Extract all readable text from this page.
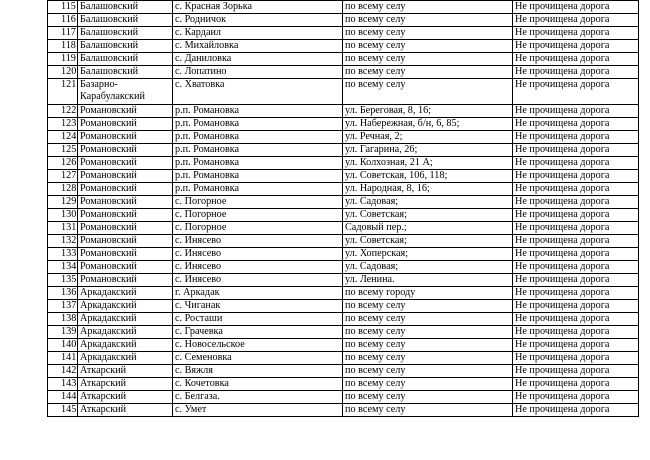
115	Балашовский	с. Красная Зорька	по всему селу	Не прочищена дорога
116	Балашовский	с. Родничок	по всему селу	Не прочищена дорога
117	Балашовский	с. Кардаил	по всему селу	Не прочищена дорога
118	Балашовский	с. Михайловка	по всему селу	Не прочищена дорога
119	Балашовский	с. Даниловка	по всему селу	Не прочищена дорога
120	Балашовский	с. Лопатино	по всему селу	Не прочищена дорога
121	Базарно-Карабулакский	с. Хватовка	по всему селу	Не прочищена дорога
122	Романовский	р.п. Романовка	ул. Береговая, 8, 16;	Не прочищена дорога
123	Романовский	р.п. Романовка	ул. Набережная, б/н, 6, 85;	Не прочищена дорога
124	Романовский	р.п. Романовка	ул. Речная, 2;	Не прочищена дорога
125	Романовский	р.п. Романовка	ул. Гагарина, 26;	Не прочищена дорога
126	Романовский	р.п. Романовка	ул. Колхозная, 21 А;	Не прочищена дорога
127	Романовский	р.п. Романовка	ул. Советская, 106, 118;	Не прочищена дорога
128	Романовский	р.п. Романовка	ул. Народная, 8, 16;	Не прочищена дорога
129	Романовский	с. Погорное	ул. Садовая;	Не прочищена дорога
130	Романовский	с. Погорное	ул. Советская;	Не прочищена дорога
131	Романовский	с. Погорное	Садовый пер.;	Не прочищена дорога
132	Романовский	с. Инясево	ул. Советская;	Не прочищена дорога
133	Романовский	с. Инясево	ул. Хоперская;	Не прочищена дорога
134	Романовский	с. Инясево	ул. Садовая;	Не прочищена дорога
135	Романовский	с. Инясево	ул. Ленина.	Не прочищена дорога
136	Аркадакский	г. Аркадак	по всему городу	Не прочищена дорога
137	Аркадакский	с. Чиганак	по всему селу	Не прочищена дорога
138	Аркадакский	с. Росташи	по всему селу	Не прочищена дорога
139	Аркадакский	с. Грачевка	по всему селу	Не прочищена дорога
140	Аркадакский	с. Новосельское	по всему селу	Не прочищена дорога
141	Аркадакский	с. Семеновка	по всему селу	Не прочищена дорога
142	Аткарский	с. Вяжля	по всему селу	Не прочищена дорога
143	Аткарский	с. Кочетовка	по всему селу	Не прочищена дорога
144	Аткарский	с. Белгаза.	по всему селу	Не прочищена дорога
145	Аткарский	с. Умет	по всему селу	Не прочищена дорога
